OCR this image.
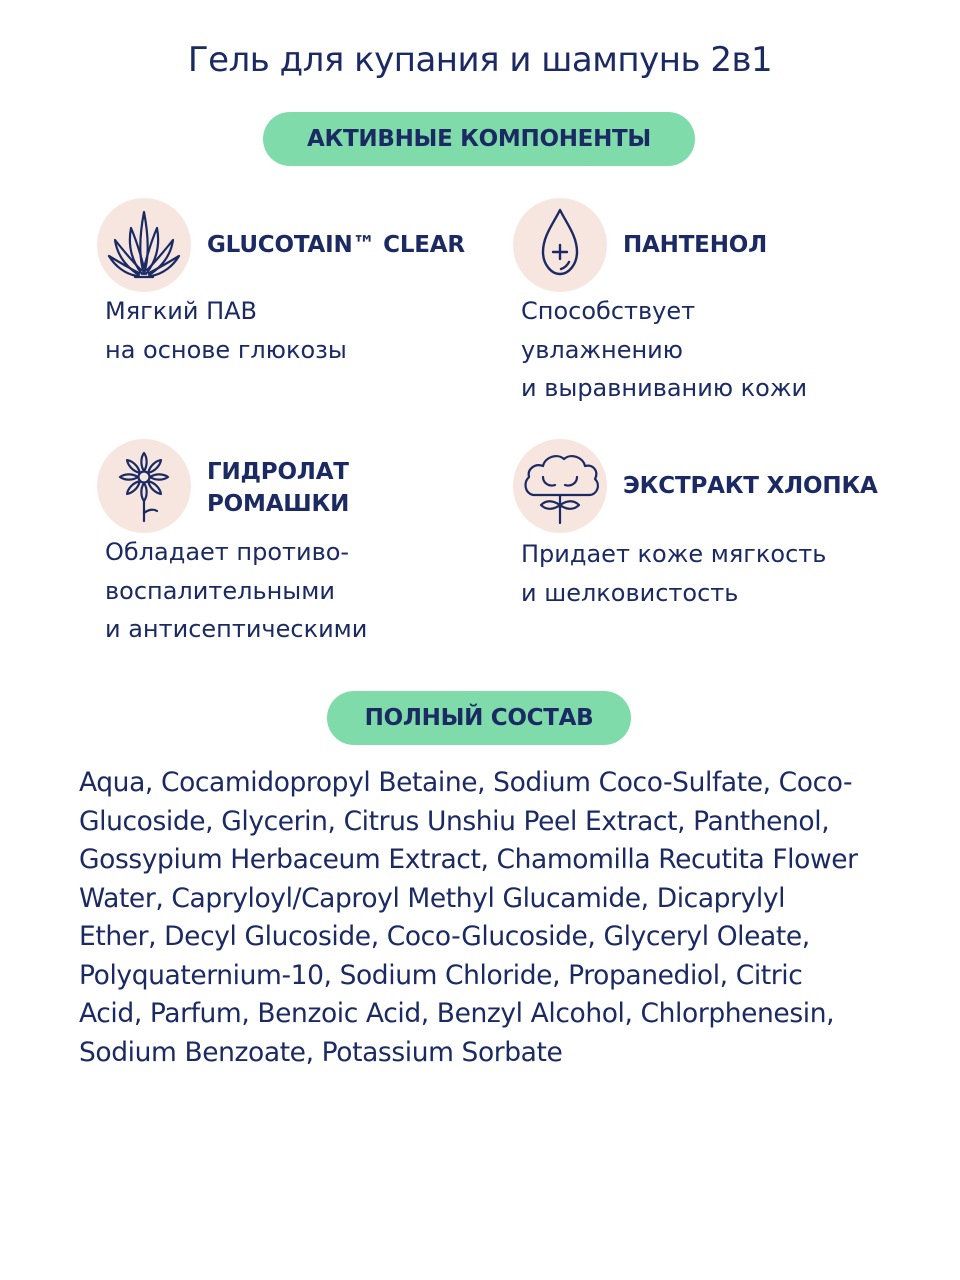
Гель для купания и шампунь 2в1
АКТИВНЫЕ КОМПОНЕНТЫ
GLUCOTAIN™ CLEAR
Мягкий ПАВ
на основе глюкозы
ПАНТЕНОЛ
Способствует
увлажнению
и выравниванию кожи
ГИДРОЛАТ
РОМАШКИ
Обладает противо-
воспалительными
и антисептическими
ЭКСТРАКТ ХЛОПКА
Придает коже мягкость
и шелковистость
ПОЛНЫЙ СОСТАВ
Aqua, Cocamidopropyl Betaine, Sodium Coco-Sulfate, Coco-Glucoside, Glycerin, Citrus Unshiu Peel Extract, Panthenol, Gossypium Herbaceum Extract, Chamomilla Recutita Flower Water, Capryloyl/Caproyl Methyl Glucamide, Dicaprylyl Ether, Decyl Glucoside, Coco-Glucoside, Glyceryl Oleate, Polyquaternium-10, Sodium Chloride, Propanediol, Citric Acid, Parfum, Benzoic Acid, Benzyl Alcohol, Chlorphenesin, Sodium Benzoate, Potassium Sorbate
